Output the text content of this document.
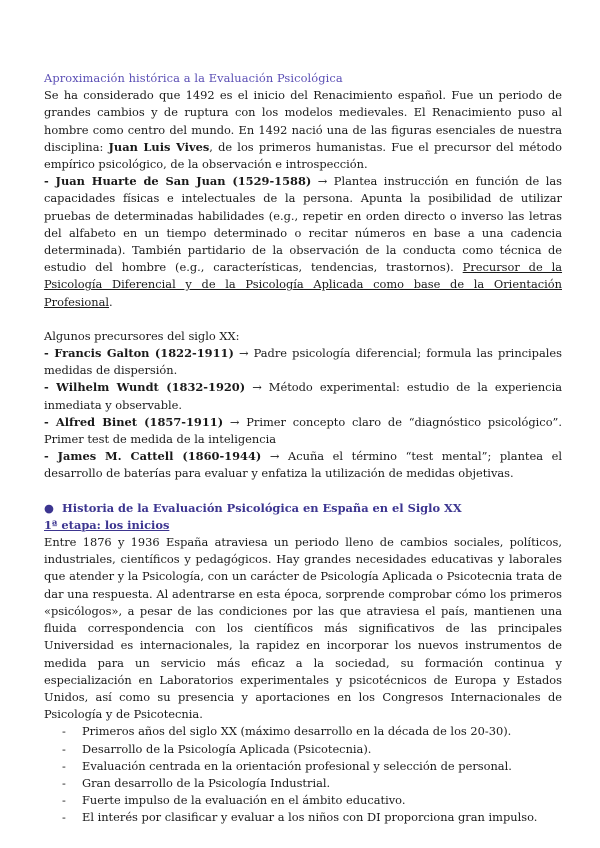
Aproximación histórica a la Evaluación Psicológica

Se ha considerado que 1492 es el inicio del Renacimiento español. Fue un periodo de grandes cambios y de ruptura con los modelos medievales. El Renacimiento puso al hombre como centro del mundo. En 1492 nació una de las figuras esenciales de nuestra disciplina: Juan Luis Vives, de los primeros humanistas. Fue el precursor del método empírico psicológico, de la observación e introspección.

- Juan Huarte de San Juan (1529-1588) → Plantea instrucción en función de las capacidades físicas e intelectuales de la persona. Apunta la posibilidad de utilizar pruebas de determinadas habilidades (e.g., repetir en orden directo o inverso las letras del alfabeto en un tiempo determinado o recitar números en base a una cadencia determinada). También partidario de la observación de la conducta como técnica de estudio del hombre (e.g., características, tendencias, trastornos). Precursor de la Psicología Diferencial y de la Psicología Aplicada como base de la Orientación Profesional.

Algunos precursores del siglo XX:

- Francis Galton (1822-1911) → Padre psicología diferencial; formula las principales medidas de dispersión.

- Wilhelm Wundt (1832-1920) → Método experimental: estudio de la experiencia inmediata y observable.

- Alfred Binet (1857-1911) → Primer concepto claro de “diagnóstico psicológico”. Primer test de medida de la inteligencia

- James M. Cattell (1860-1944) → Acuña el término “test mental”; plantea el desarrollo de baterías para evaluar y enfatiza la utilización de medidas objetivas.

● Historia de la Evaluación Psicológica en España en el Siglo XX

1ª etapa: los inicios

Entre 1876 y 1936 España atraviesa un periodo lleno de cambios sociales, políticos, industriales, científicos y pedagógicos. Hay grandes necesidades educativas y laborales que atender y la Psicología, con un carácter de Psicología Aplicada o Psicotecnia trata de dar una respuesta. Al adentrarse en esta época, sorprende comprobar cómo los primeros «psicólogos», a pesar de las condiciones por las que atraviesa el país, mantienen una fluida correspondencia con los científicos más significativos de las principales Universidad es internacionales, la rapidez en incorporar los nuevos instrumentos de medida para un servicio más eficaz a la sociedad, su formación continua y especialización en Laboratorios experimentales y psicotécnicos de Europa y Estados Unidos, así como su presencia y aportaciones en los Congresos Internacionales de Psicología y de Psicotecnia.

- Primeros años del siglo XX (máximo desarrollo en la década de los 20-30).
- Desarrollo de la Psicología Aplicada (Psicotecnia).
- Evaluación centrada en la orientación profesional y selección de personal.
- Gran desarrollo de la Psicología Industrial.
- Fuerte impulso de la evaluación en el ámbito educativo.
- El interés por clasificar y evaluar a los niños con DI proporciona gran impulso.
